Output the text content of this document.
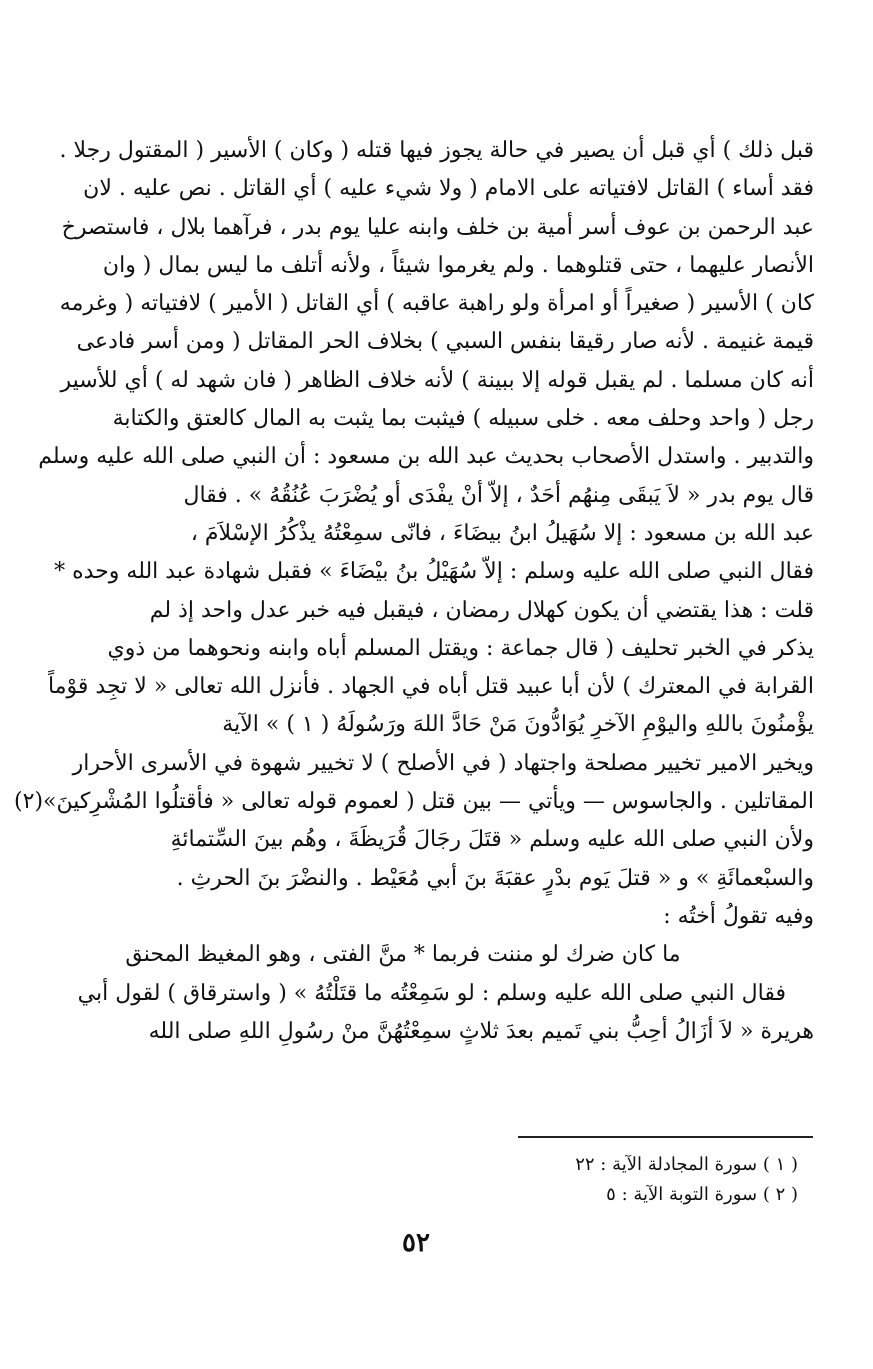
قبل ذلك ) أي قبل أن يصير في حالة يجوز فيها قتله ( وكان ) الأسير ( المقتول رجلا .
فقد أساء ) القاتل لافتياته على الامام ( ولا شيء عليه ) أي القاتل . نص عليه . لان
عبد الرحمن بن عوف أسر أمية بن خلف وابنه عليا يوم بدر ، فرآهما بلال ، فاستصرخ
الأنصار عليهما ، حتى قتلوهما . ولم يغرموا شيئاً ، ولأنه أتلف ما ليس بمال ( وان
كان ) الأسير ( صغيراً أو امرأة ولو راهبة عاقبه ) أي القاتل ( الأمير ) لافتياته ( وغرمه
قيمة غنيمة . لأنه صار رقيقا بنفس السبي ) بخلاف الحر المقاتل ( ومن أسر فادعى
أنه كان مسلما . لم يقبل قوله إلا ببينة ) لأنه خلاف الظاهر ( فان شهد له ) أي للأسير
رجل ( واحد وحلف معه . خلى سبيله ) فيثبت بما يثبت به المال كالعتق والكتابة
والتدبير . واستدل الأصحاب بحديث عبد الله بن مسعود : أن النبي صلى الله عليه وسلم
قال يوم بدر « لاَ يَبقَى مِنهُم أحَدٌ ، إلاّ أنْ يفْدَى أو يُضْرَبَ عُنُقُهُ » . فقال
عبد الله بن مسعود : إلا سُهَيلُ ابنُ بيضَاءَ ، فانّى سمِعْتُهُ يذْكُرُ الإسْلاَمَ ،
فقال النبي صلى الله عليه وسلم : إلاّ سُهَيْلُ بنُ بيْضَاءَ » فقبل شهادة عبد الله وحده *
قلت : هذا يقتضي أن يكون كهلال رمضان ، فيقبل فيه خبر عدل واحد إذ لم
يذكر في الخبر تحليف ( قال جماعة : ويقتل المسلم أباه وابنه ونحوهما من ذوي
القرابة في المعترك ) لأن أبا عبيد قتل أباه في الجهاد . فأنزل الله تعالى « لا تجِد قوْماً
يؤْمنُونَ باللهِ واليوْمِ الآخرِ يُوَادُّونَ مَنْ حَادَّ اللهَ ورَسُولَهُ ( ١ ) » الآية
ويخير الامير تخيير مصلحة واجتهاد ( في الأصلح ) لا تخيير شهوة في الأسرى الأحرار
المقاتلين . والجاسوس — ويأتي — بين قتل ( لعموم قوله تعالى « فأقتلُوا المُشْرِكينَ»(٢)
ولأن النبي صلى الله عليه وسلم « قتَلَ رجَالَ قُرَيظَةَ ، وهُم بينَ السِّتمائةِ
والسبْعمائَةِ » و « قتلَ يَوم بدْرٍ عقبَةَ بنَ أبي مُعَيْط . والنضْرَ بنَ الحرثِ .
وفيه تقولُ أختُه :
ما كان ضرك لو مننت فربما * منَّ الفتى ، وهو المغيظ المحنق
فقال النبي صلى الله عليه وسلم : لو سَمِعْتُه ما قتَلْتُهُ » ( واسترقاق ) لقول أبي
هريرة « لاَ أزَالُ أحِبُّ بني تَميم بعدَ ثلاثٍ سمِعْتُهُنَّ منْ رسُولِ اللهِ صلى الله
( ١ ) سورة المجادلة الآية : ٢٢
( ٢ ) سورة التوبة الآية : ٥
٥٢
